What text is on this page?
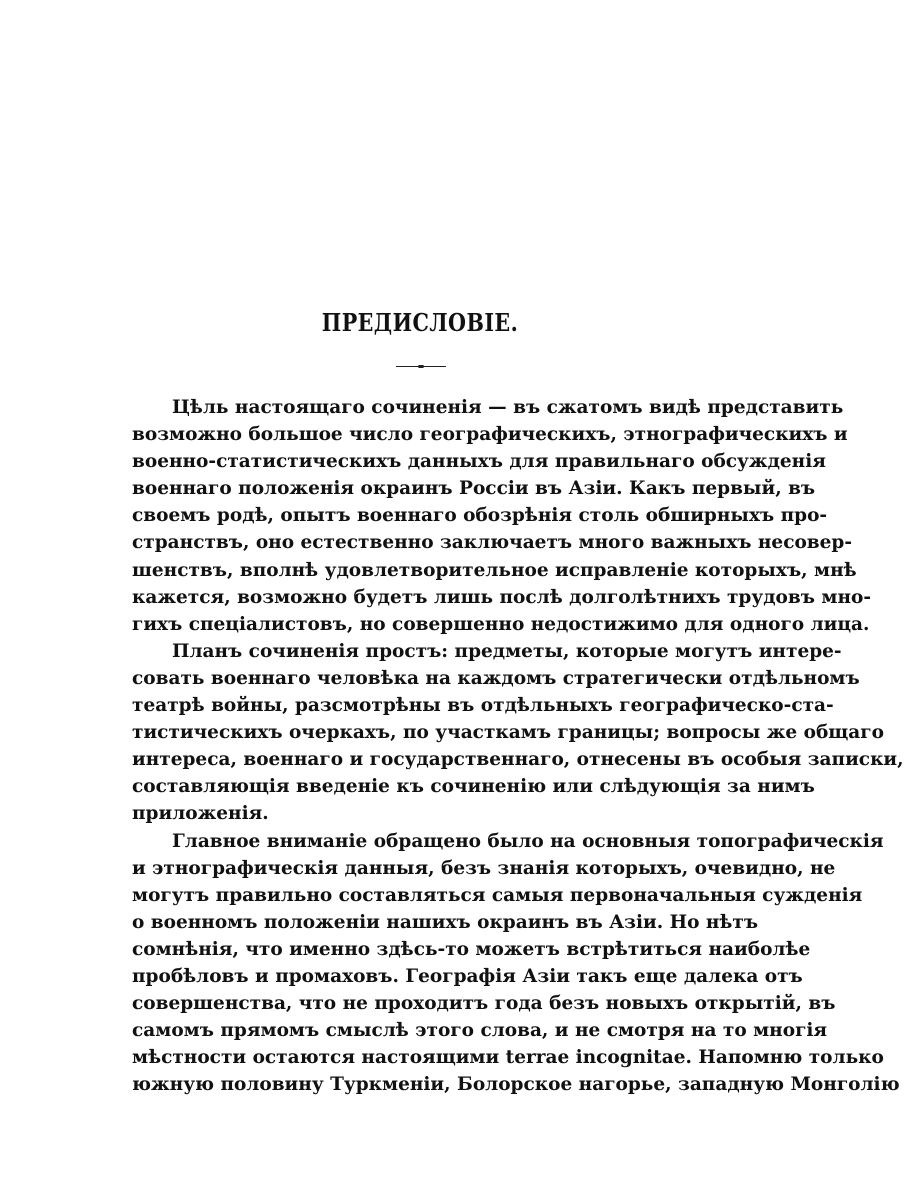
ПРЕДИСЛОВІЕ.
Цѣль настоящаго сочиненія — въ сжатомъ видѣ представить
возможно большое число географическихъ, этнографическихъ и
военно-статистическихъ данныхъ для правильнаго обсужденія
военнаго положенія окраинъ Россіи въ Азіи. Какъ первый, въ
своемъ родѣ, опытъ военнаго обозрѣнія столь обширныхъ про-
странствъ, оно естественно заключаетъ много важныхъ несовер-
шенствъ, вполнѣ удовлетворительное исправленіе которыхъ, мнѣ
кажется, возможно будетъ лишь послѣ долголѣтнихъ трудовъ мно-
гихъ спеціалистовъ, но совершенно недостижимо для одного лица.
Планъ сочиненія простъ: предметы, которые могутъ интере-
совать военнаго человѣка на каждомъ стратегически отдѣльномъ
театрѣ войны, разсмотрѣны въ отдѣльныхъ географическо-ста-
тистическихъ очеркахъ, по участкамъ границы; вопросы же общаго
интереса, военнаго и государственнаго, отнесены въ особыя записки,
составляющія введеніе къ сочиненію или слѣдующія за нимъ
приложенія.
Главное вниманіе обращено было на основныя топографическія
и этнографическія данныя, безъ знанія которыхъ, очевидно, не
могутъ правильно составляться самыя первоначальныя сужденія
о военномъ положеніи нашихъ окраинъ въ Азіи. Но нѣтъ
сомнѣнія, что именно здѣсь-то можетъ встрѣтиться наиболѣе
пробѣловъ и промаховъ. Географія Азіи такъ еще далека отъ
совершенства, что не проходитъ года безъ новыхъ открытій, въ
самомъ прямомъ смыслѣ этого слова, и не смотря на то многія
мѣстности остаются настоящими terrae incognitae. Напомню только
южную половину Туркменіи, Болорское нагорье, западную Монголію
